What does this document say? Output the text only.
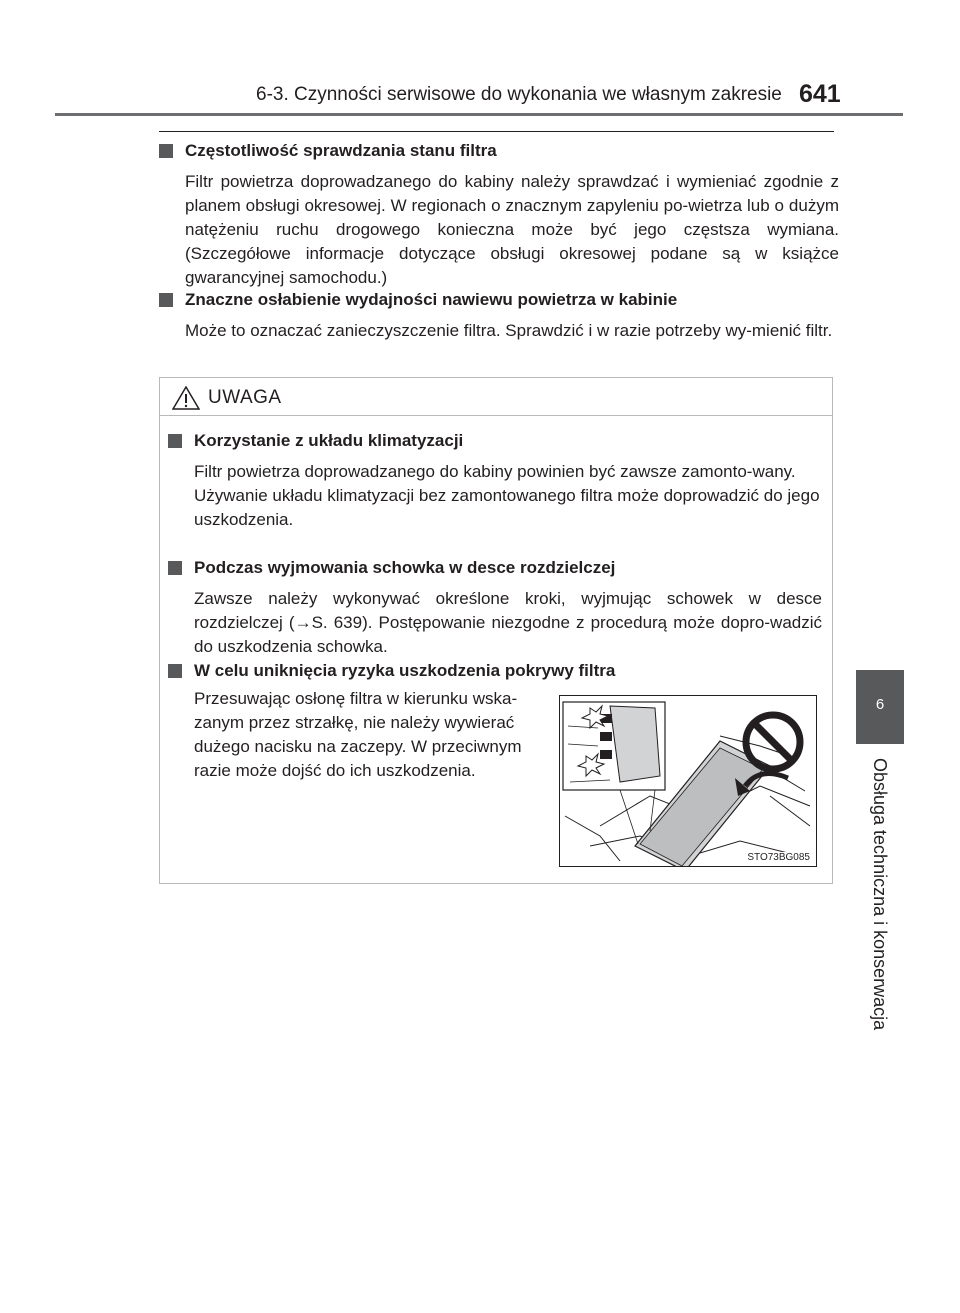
6-3. Czynności serwisowe do wykonania we własnym zakresie 641
6
Obsługa techniczna i konserwacja
Częstotliwość sprawdzania stanu filtra
Filtr powietrza doprowadzanego do kabiny należy sprawdzać i wymieniać zgodnie z planem obsługi okresowej. W regionach o znacznym zapyleniu po-wietrza lub o dużym natężeniu ruchu drogowego konieczna może być jego częstsza wymiana. (Szczegółowe informacje dotyczące obsługi okresowej podane są w książce gwarancyjnej samochodu.)
Znaczne osłabienie wydajności nawiewu powietrza w kabinie
Może to oznaczać zanieczyszczenie filtra. Sprawdzić i w razie potrzeby wy-mienić filtr.
UWAGA
Korzystanie z układu klimatyzacji
Filtr powietrza doprowadzanego do kabiny powinien być zawsze zamonto-wany.
Używanie układu klimatyzacji bez zamontowanego filtra może doprowadzić do jego uszkodzenia.
Podczas wyjmowania schowka w desce rozdzielczej
Zawsze należy wykonywać określone kroki, wyjmując schowek w desce rozdzielczej (→S. 639). Postępowanie niezgodne z procedurą może dopro-wadzić do uszkodzenia schowka.
W celu uniknięcia ryzyka uszkodzenia pokrywy filtra
Przesuwając osłonę filtra w kierunku wska-zanym przez strzałkę, nie należy wywierać dużego nacisku na zaczepy. W przeciwnym razie może dojść do ich uszkodzenia.
STO73BG085
